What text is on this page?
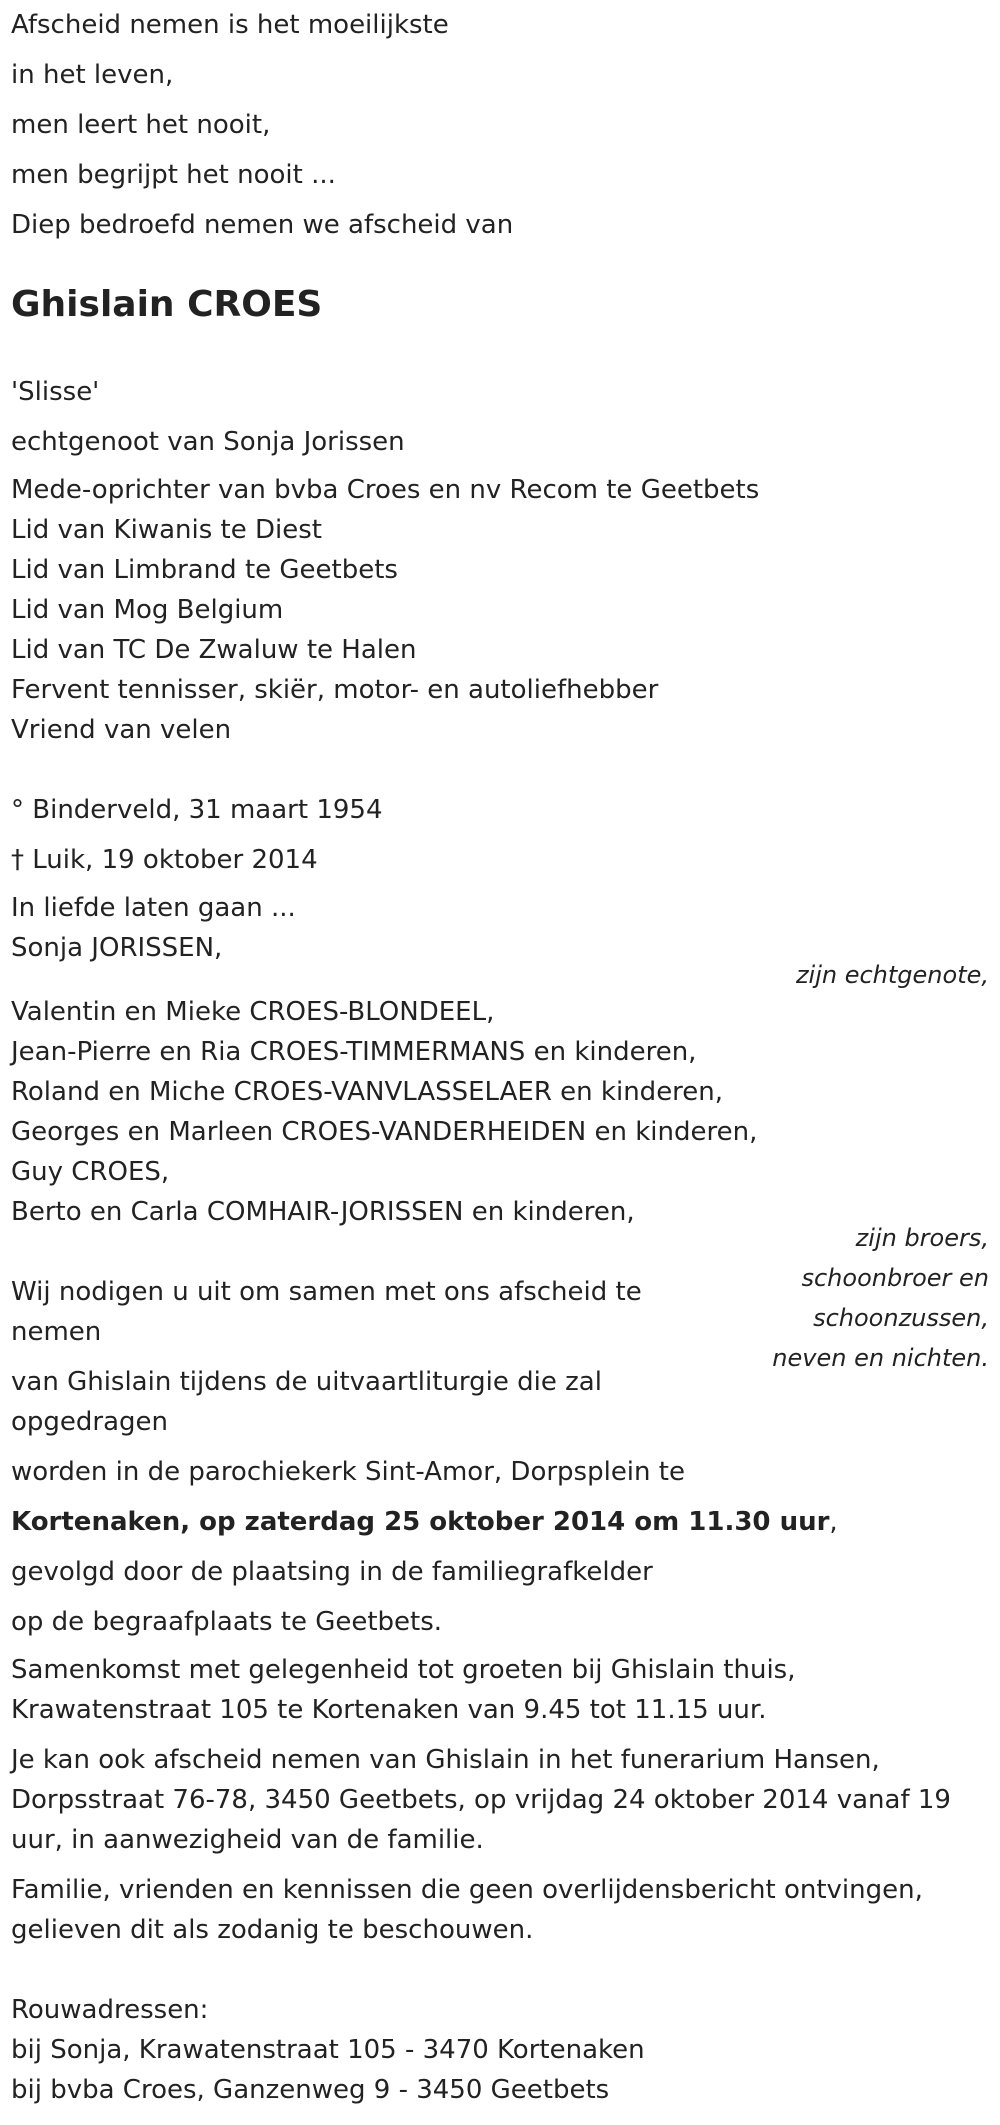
Afscheid nemen is het moeilijkste

in het leven,

men leert het nooit,

men begrijpt het nooit ...

Diep bedroefd nemen we afscheid van

Ghislain CROES

'Slisse'

echtgenoot van Sonja Jorissen

Mede-oprichter van bvba Croes en nv Recom te Geetbets

Lid van Kiwanis te Diest

Lid van Limbrand te Geetbets

Lid van Mog Belgium

Lid van TC De Zwaluw te Halen

Fervent tennisser, skiër, motor- en autoliefhebber

Vriend van velen

° Binderveld, 31 maart 1954

† Luik, 19 oktober 2014

In liefde laten gaan ...

Sonja JORISSEN,

zijn echtgenote,

Valentin en Mieke CROES-BLONDEEL,

Jean-Pierre en Ria CROES-TIMMERMANS en kinderen,

Roland en Miche CROES-VANVLASSELAER en kinderen,

Georges en Marleen CROES-VANDERHEIDEN en kinderen,

Guy CROES,

Berto en Carla COMHAIR-JORISSEN en kinderen,

zijn broers,

schoonbroer en

schoonzussen,

neven en nichten.

Wij nodigen u uit om samen met ons afscheid te

nemen

van Ghislain tijdens de uitvaartliturgie die zal

opgedragen

worden in de parochiekerk Sint-Amor, Dorpsplein te

Kortenaken, op zaterdag 25 oktober 2014 om 11.30 uur,

gevolgd door de plaatsing in de familiegrafkelder

op de begraafplaats te Geetbets.

Samenkomst met gelegenheid tot groeten bij Ghislain thuis,

Krawatenstraat 105 te Kortenaken van 9.45 tot 11.15 uur.

Je kan ook afscheid nemen van Ghislain in het funerarium Hansen,

Dorpsstraat 76-78, 3450 Geetbets, op vrijdag 24 oktober 2014 vanaf 19

uur, in aanwezigheid van de familie.

Familie, vrienden en kennissen die geen overlijdensbericht ontvingen,

gelieven dit als zodanig te beschouwen.

Rouwadressen:

bij Sonja, Krawatenstraat 105 - 3470 Kortenaken

bij bvba Croes, Ganzenweg 9 - 3450 Geetbets
